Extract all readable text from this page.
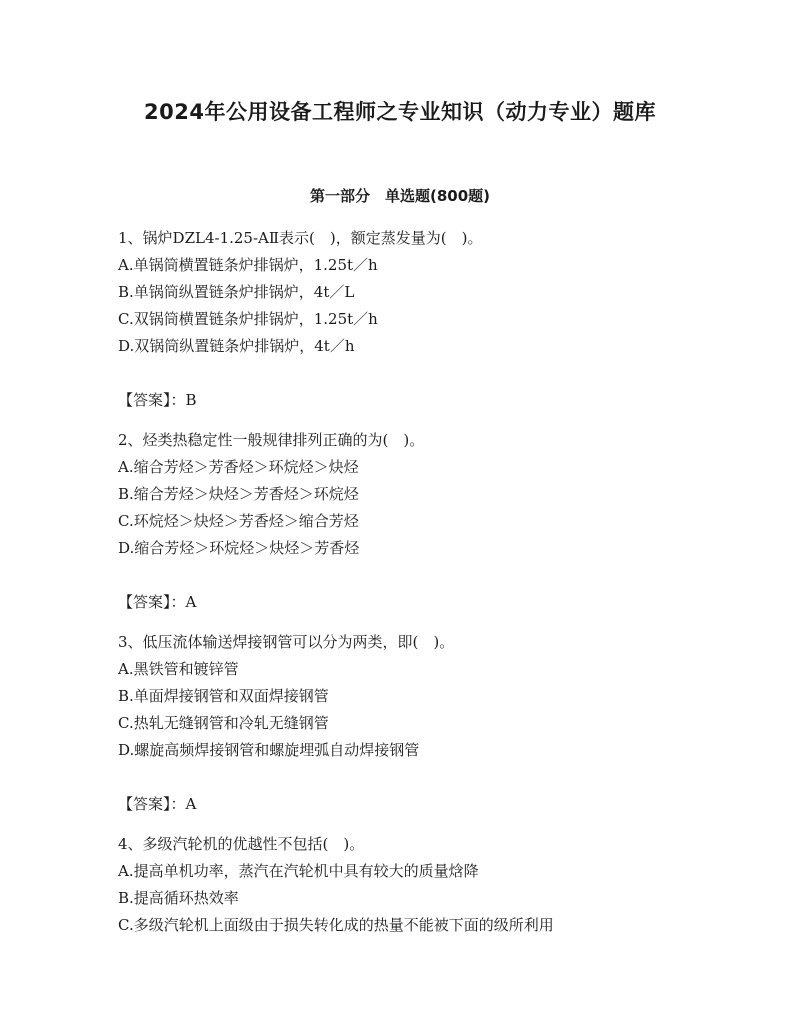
2024年公用设备工程师之专业知识（动力专业）题库
第一部分　单选题(800题)
1、锅炉DZL4-1.25-AⅡ表示(　)，额定蒸发量为(　)。
A.单锅筒横置链条炉排锅炉，1.25t／h
B.单锅筒纵置链条炉排锅炉，4t／L
C.双锅筒横置链条炉排锅炉，1.25t／h
D.双锅筒纵置链条炉排锅炉，4t／h
【答案】：B
2、烃类热稳定性一般规律排列正确的为(　)。
A.缩合芳烃＞芳香烃＞环烷烃＞炔烃
B.缩合芳烃＞炔烃＞芳香烃＞环烷烃
C.环烷烃＞炔烃＞芳香烃＞缩合芳烃
D.缩合芳烃＞环烷烃＞炔烃＞芳香烃
【答案】：A
3、低压流体输送焊接钢管可以分为两类，即(　)。
A.黑铁管和镀锌管
B.单面焊接钢管和双面焊接钢管
C.热轧无缝钢管和冷轧无缝钢管
D.螺旋高频焊接钢管和螺旋埋弧自动焊接钢管
【答案】：A
4、多级汽轮机的优越性不包括(　)。
A.提高单机功率，蒸汽在汽轮机中具有较大的质量焓降
B.提高循环热效率
C.多级汽轮机上面级由于损失转化成的热量不能被下面的级所利用
